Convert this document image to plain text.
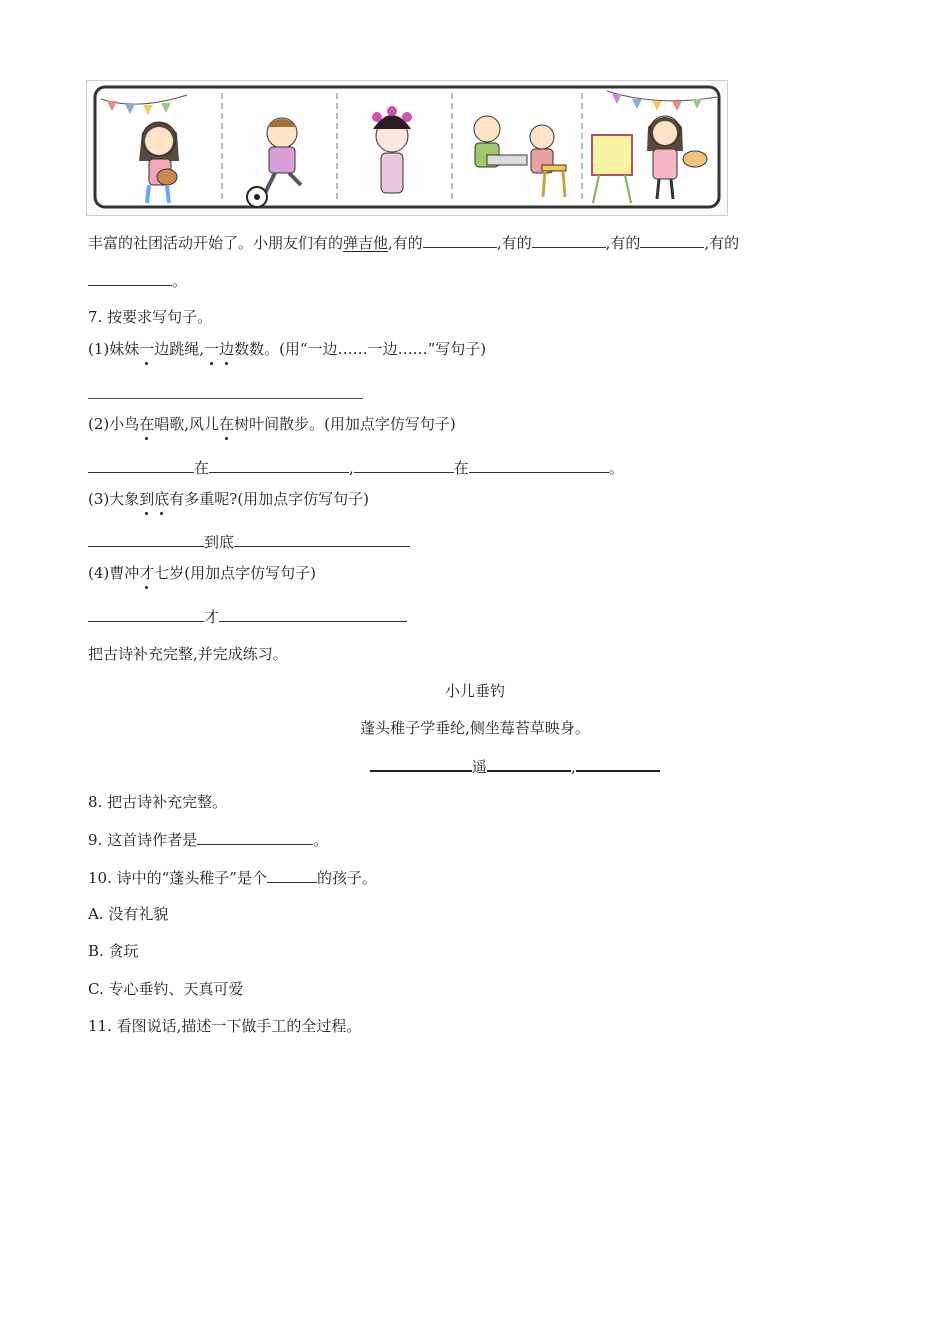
丰富的社团活动开始了。小朋友们有的弹吉他,有的	,有的	,有的	,有的
。
7. 按要求写句子。
(1)妹妹一边跳绳,一边数数。(用“一边……一边……”写句子)
(2)小鸟在唱歌,风儿在树叶间散步。(用加点字仿写句子)
在	,	在	。
(3)大象到底有多重呢?(用加点字仿写句子)
到底
(4)曹冲才七岁(用加点字仿写句子)
才
把古诗补充完整,并完成练习。
小儿垂钓
蓬头稚子学垂纶,侧坐莓苔草映身。
遥	,
8. 把古诗补充完整。
9. 这首诗作者是	。
10. 诗中的“蓬头稚子”是个	的孩子。
A. 没有礼貌
B. 贪玩
C. 专心垂钓、天真可爱
11. 看图说话,描述一下做手工的全过程。
